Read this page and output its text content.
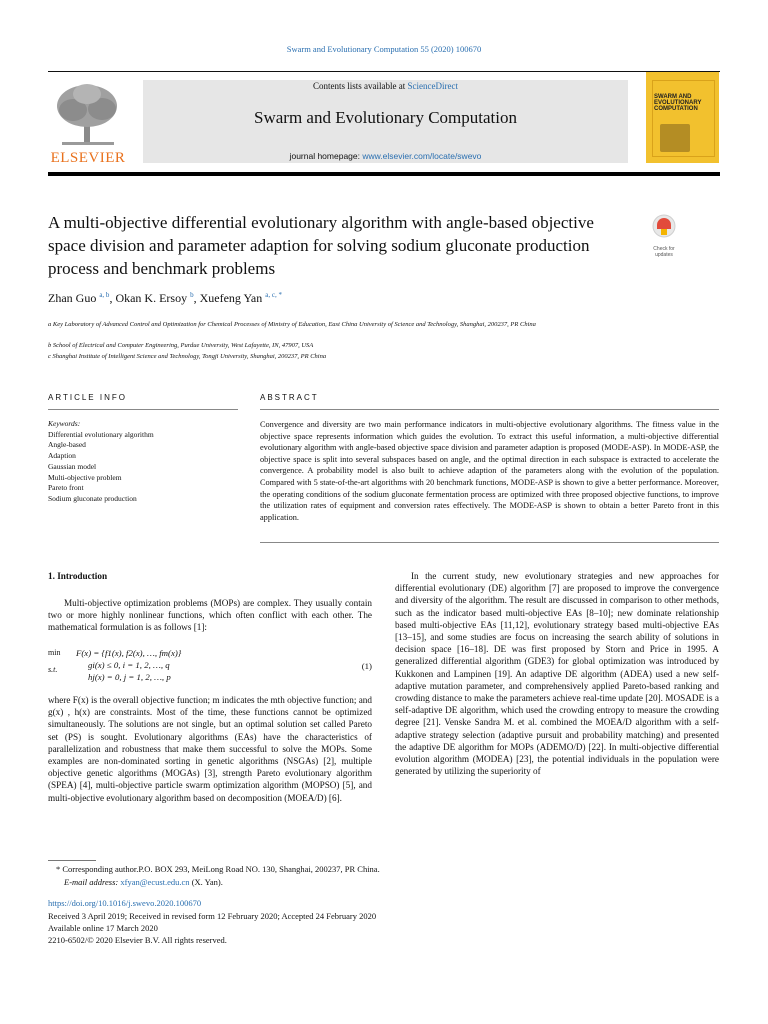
Swarm and Evolutionary Computation 55 (2020) 100670
ELSEVIER
Contents lists available at ScienceDirect
Swarm and Evolutionary Computation
journal homepage: www.elsevier.com/locate/swevo
SWARM AND EVOLUTIONARY COMPUTATION
A multi-objective differential evolutionary algorithm with angle-based objective space division and parameter adaption for solving sodium gluconate production process and benchmark problems
Check for updates
Zhan Guo $^{a, b}$, Okan K. Ersoy $^b$, Xuefeng Yan $^{a, c, *}$
a Key Laboratory of Advanced Control and Optimization for Chemical Processes of Ministry of Education, East China University of Science and Technology, Shanghai, 200237, PR China
b School of Electrical and Computer Engineering, Purdue University, West Lafayette, IN, 47907, USA
c Shanghai Institute of Intelligent Science and Technology, Tongji University, Shanghai, 200237, PR China
ARTICLE INFO	ABSTRACT
Keywords:
Differential evolutionary algorithm
Angle-based
Adaption
Gaussian model
Multi-objective problem
Pareto front
Sodium gluconate production
Convergence and diversity are two main performance indicators in multi-objective evolutionary algorithms. The fitness value in the objective space represents information which guides the evolution. To extract this useful information, a multi-objective differential evolutionary algorithm with angle-based objective space division and parameter adaption is proposed (MODE-ASP). In MODE-ASP, the objective space is split into several subspaces based on angle, and the optimal direction in each subspace is extracted to accelerate the convergence. A probability model is also built to achieve adaption of the parameters along with the evolution of the population. Compared with 5 state-of-the-art algorithms with 20 benchmark functions, MODE-ASP is shown to give a better performance. Moreover, the operating conditions of the sodium gluconate fermentation process are optimized with three proposed objective functions, to improve the utilization rates of equipment and conversion rates effectively. The MODE-ASP is shown to obtain a better Pareto front in this application.
1. Introduction
Multi-objective optimization problems (MOPs) are complex. They usually contain two or more highly nonlinear functions, which often conflict with each other. The mathematical formulation is as follows [1]:
min
s.t.
F(x) = {f1(x), f2(x), …, fm(x)}
gi(x) ≤ 0, i = 1, 2, …, q
hj(x) = 0, j = 1, 2, …, p
(1)
where F(x) is the overall objective function; m indicates the mth objective function; and g(x) , h(x) are constraints. Most of the time, these functions cannot be optimized simultaneously. The solutions are not single, but an optimal solution set called Pareto set (PS) is sought. Evolutionary algorithms (EAs) have the characteristics of parallelization and robustness that make them successful to solve the MOPs. Some examples are non-dominated sorting in genetic algorithms (NSGAs) [2], multiple objective genetic algorithms (MOGAs) [3], strength Pareto evolutionary algorithm (SPEA) [4], multi-objective particle swarm optimization algorithm (MOPSO) [5], and multi-objective evolutionary algorithm based on decomposition (MOEA/D) [6].
In the current study, new evolutionary strategies and new approaches for differential evolutionary (DE) algorithm [7] are proposed to improve the convergence and diversity of the algorithm. The result are discussed in comparison to other methods, such as the indicator based multi-objective EAs [8–10]; new dominate relationship based multi-objective EAs [11,12], evolutionary strategy based multi-objective EAs [13–15], and some studies are focus on increasing the search ability of solutions in decision space [16–18]. DE was first proposed by Storn and Price in 1995. A generalized differential algorithm (GDE3) for global optimization was introduced by Kukkonen and Lampinen [19]. An adaptive DE algorithm (ADEA) used a new self-adaptive mutation parameter, and comprehensively applied Pareto-based ranking and crowding distance to make the parameters achieve real-time update [20]. MOSADE is a self-adaptive DE algorithm, which used the crowding entropy to measure the crowding degree [21]. Venske Sandra M. et al. combined the MOEA/D algorithm with a self-adaptive strategy selection (adaptive pursuit and probability matching) and presented the adaptive DE algorithm for MOPs (ADEMO/D) [22]. In multi-objective differential evolution algorithm (MODEA) [23], the potential individuals in the population were generated by utilizing the superiority of
* Corresponding author.P.O. BOX 293, MeiLong Road NO. 130, Shanghai, 200237, PR China.
E-mail address: xfyan@ecust.edu.cn (X. Yan).
https://doi.org/10.1016/j.swevo.2020.100670
Received 3 April 2019; Received in revised form 12 February 2020; Accepted 24 February 2020
Available online 17 March 2020
2210-6502/© 2020 Elsevier B.V. All rights reserved.
